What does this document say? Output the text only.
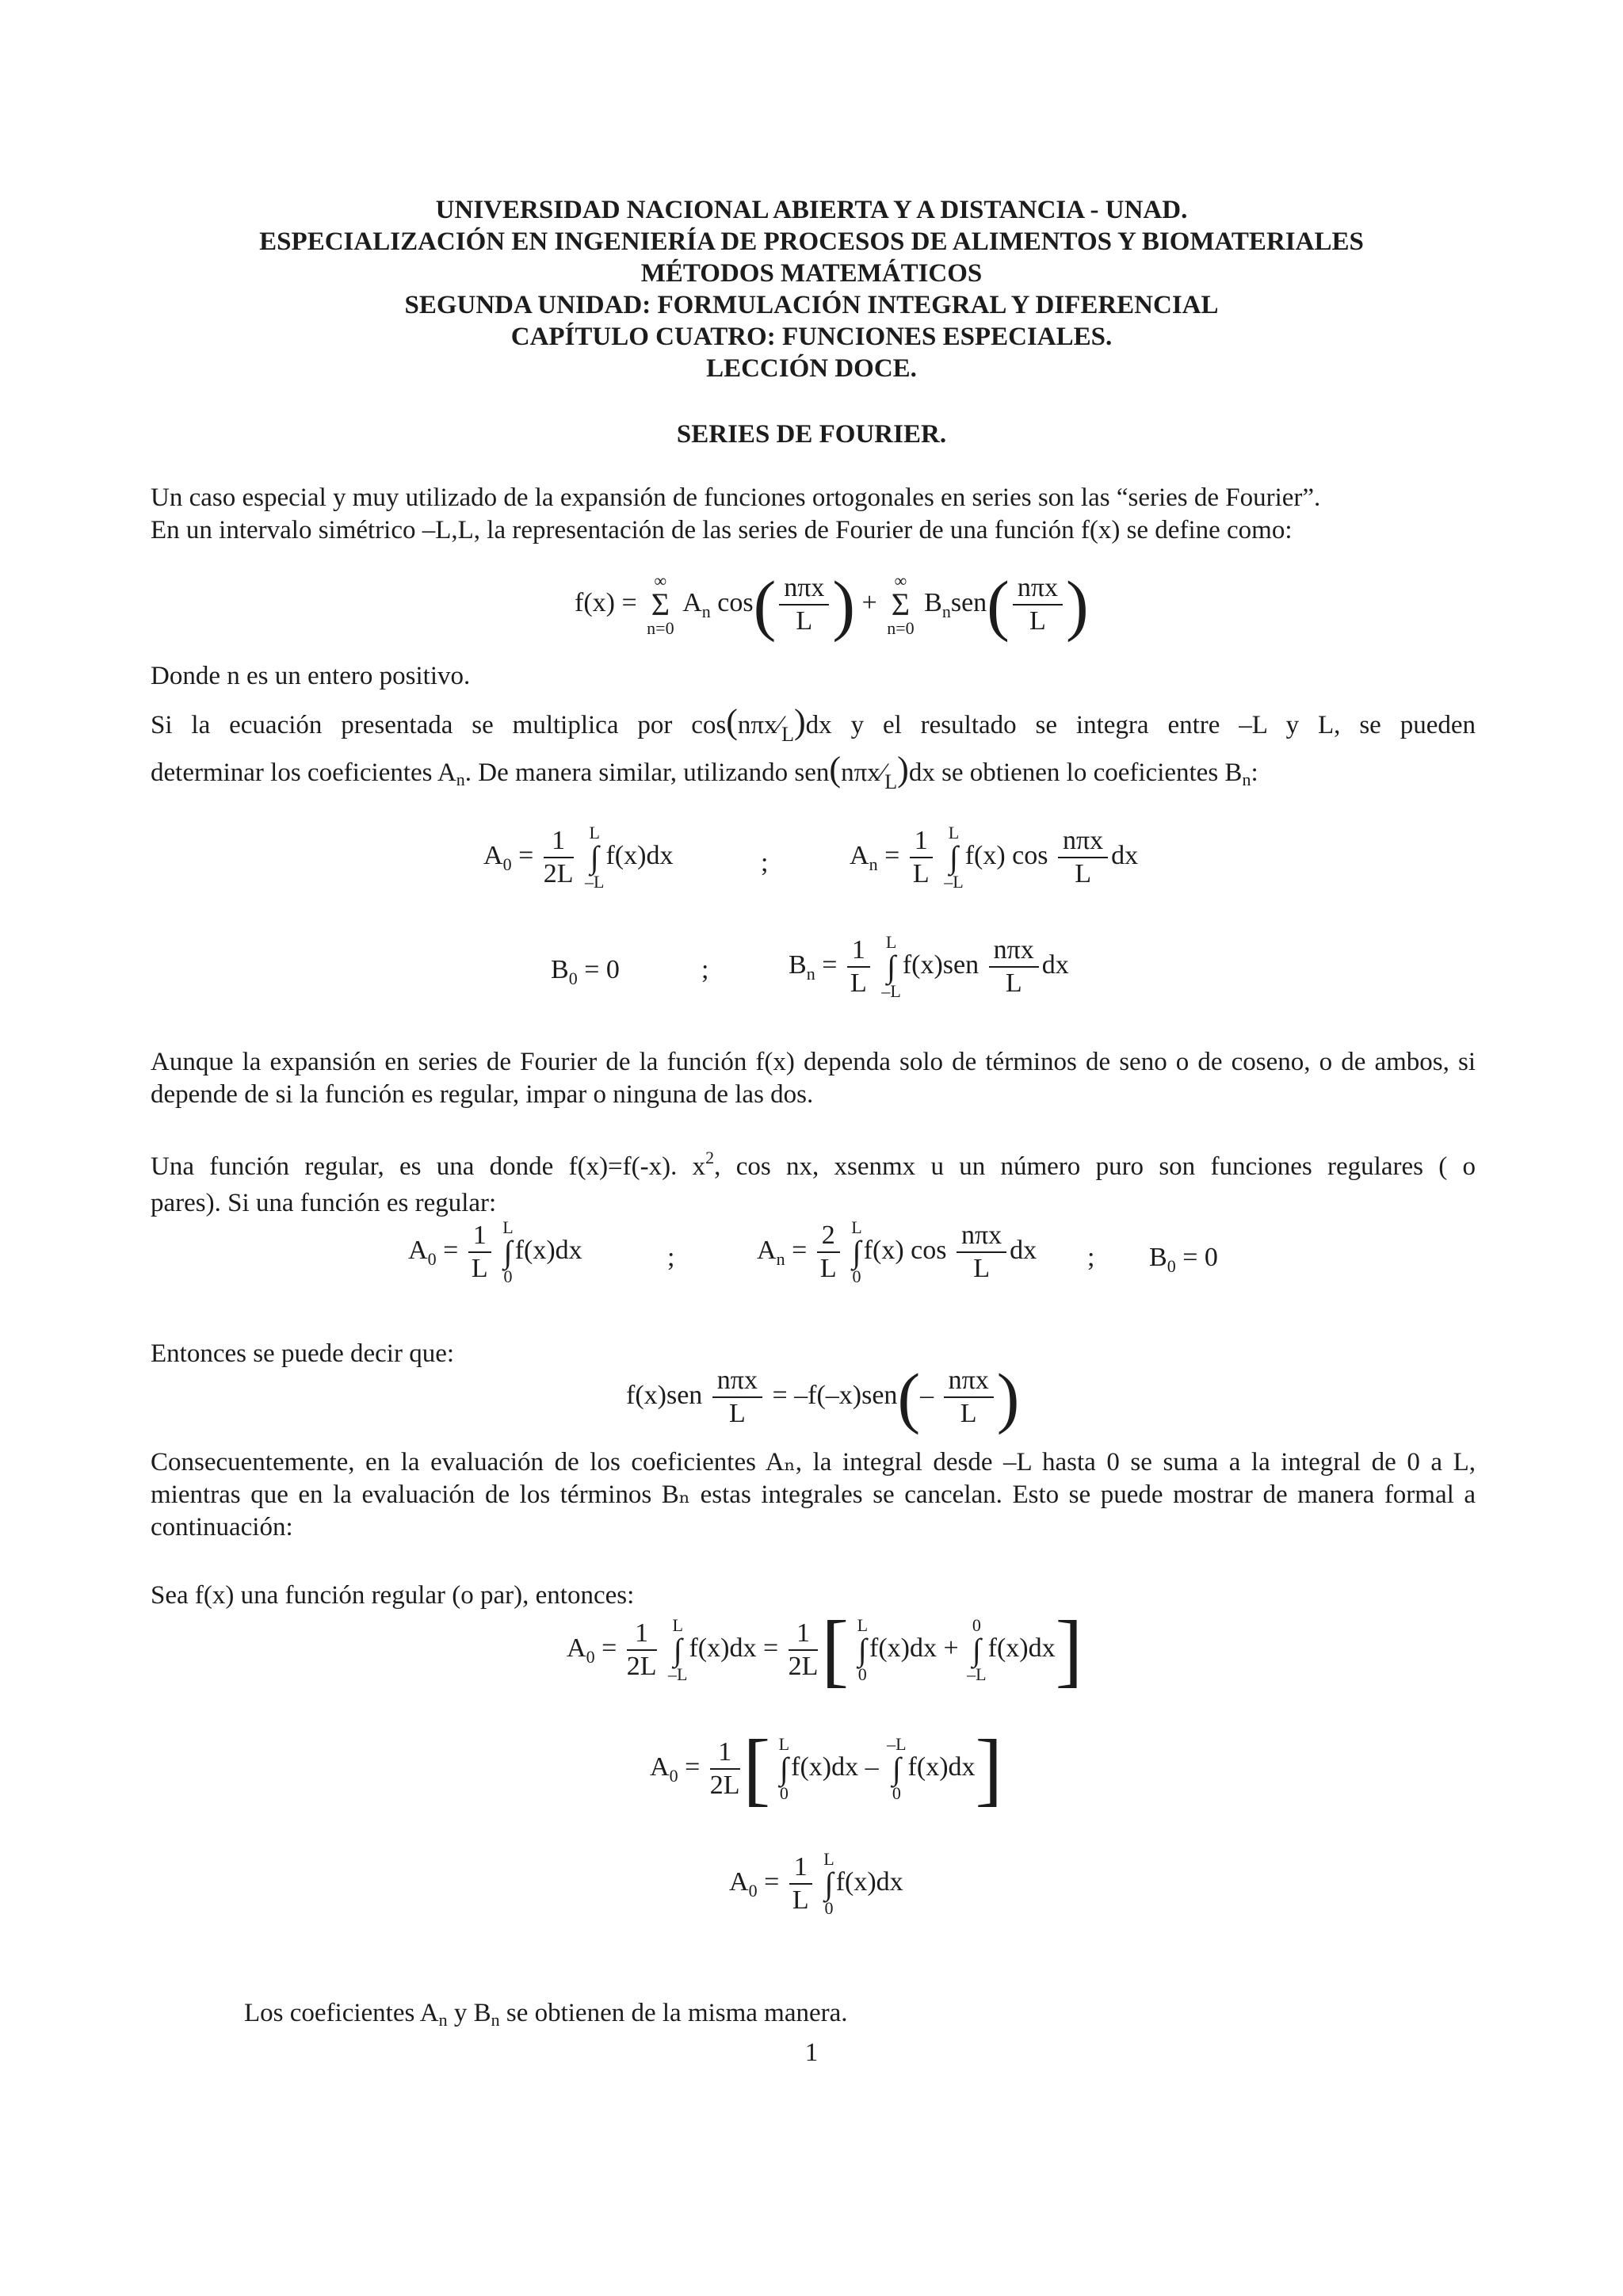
UNIVERSIDAD NACIONAL ABIERTA Y A DISTANCIA - UNAD.
ESPECIALIZACIÓN EN INGENIERÍA DE PROCESOS DE ALIMENTOS Y BIOMATERIALES
MÉTODOS MATEMÁTICOS
SEGUNDA UNIDAD: FORMULACIÓN INTEGRAL Y DIFERENCIAL
CAPÍTULO CUATRO: FUNCIONES ESPECIALES.
LECCIÓN DOCE.
SERIES DE FOURIER.
Un caso especial y muy utilizado de la expansión de funciones ortogonales en series son las “series de Fourier”.
En un intervalo simétrico –L,L, la representación de las series de Fourier de una función f(x) se define como:
f(x) = ∞
Σ
n=0 $A_n$ $\cos( \frac{\text{nπx}}{L}$ ) + ∞
Σ
n=0 $B_nsen( \frac{\text{nπx}}{L}$ )
Donde n es un entero positivo.
Si la ecuación presentada se multiplica por $\cos(n\pi x⁄_L)dx$ y el resultado se integra entre –L y L, se pueden
determinar los coeficientes $A_n$. De manera similar, utilizando $sen(n\pi x⁄_L)dx$ se obtienen lo coeficientes $B_n$:
$A_0 = \frac{1}{2L}$ L
∫
–Lf(x)dx	;	$A_n = \frac{1}{L}$ L
∫
–Lf(x) $\cos \frac{\text{nπx}}{L}$ dx
$B_0 = 0$	;	$B_n = \frac{1}{L}$ L
∫
$-Lf(x)sen \frac{\text{nπx}}{L}$ dx
Aunque la expansión en series de Fourier de la función f(x) dependa solo de términos de seno o de coseno, o de ambos, si depende de si la función es regular, impar o ninguna de las dos.
Una función regular, es una donde f(x)=f(-x). $x^2$, cos nx, xsenmx u un número puro son funciones regulares ( o
pares). Si una función es regular:
$A_0 = \frac{1}{L}$ L
∫
0f(x)dx	;	$A_n = \frac{2}{L}$ L
∫
0f(x) $\cos \frac{\text{nπx}}{L}$ dx ; $B_0 = 0$
Entonces se puede decir que:
$f(x)sen \frac{\text{nπx}}{L} = -f(-x)sen(- \frac{\text{nπx}}{L}$ )
Consecuentemente, en la evaluación de los coeficientes Aₙ, la integral desde –L hasta 0 se suma a la integral de 0 a L, mientras que en la evaluación de los términos Bₙ estas integrales se cancelan. Esto se puede mostrar de manera formal a continuación:
Sea f(x) una función regular (o par), entonces:
$A_0 = \frac{1}{2L}$ L
∫
$-Lf(x)dx = \frac{1}{2L}$ [ L
∫
0f(x)dx + 0
∫
–Lf(x)dx]
$A_0 = \frac{1}{2L}$ [ L
∫
0f(x)dx – –L
∫
0f(x)dx]
$A_0 = \frac{1}{L}$ L
∫
0f(x)dx
Los coeficientes $A_n$ y $B_n$ se obtienen de la misma manera.
1
